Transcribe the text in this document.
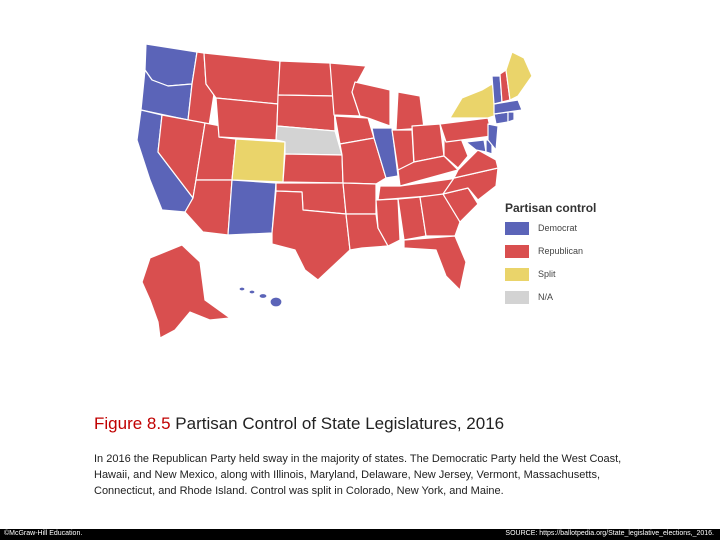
Partisan control
Democrat
Republican
Split
N/A
Figure 8.5 Partisan Control of State Legislatures, 2016
In 2016 the Republican Party held sway in the majority of states. The Democratic Party held the West Coast, Hawaii, and New Mexico, along with Illinois, Maryland, Delaware, New Jersey, Vermont, Massachusetts, Connecticut, and Rhode Island. Control was split in Colorado, New York, and Maine.
©McGraw-Hill Education.	SOURCE: https://ballotpedia.org/State_legislative_elections,_2016.
